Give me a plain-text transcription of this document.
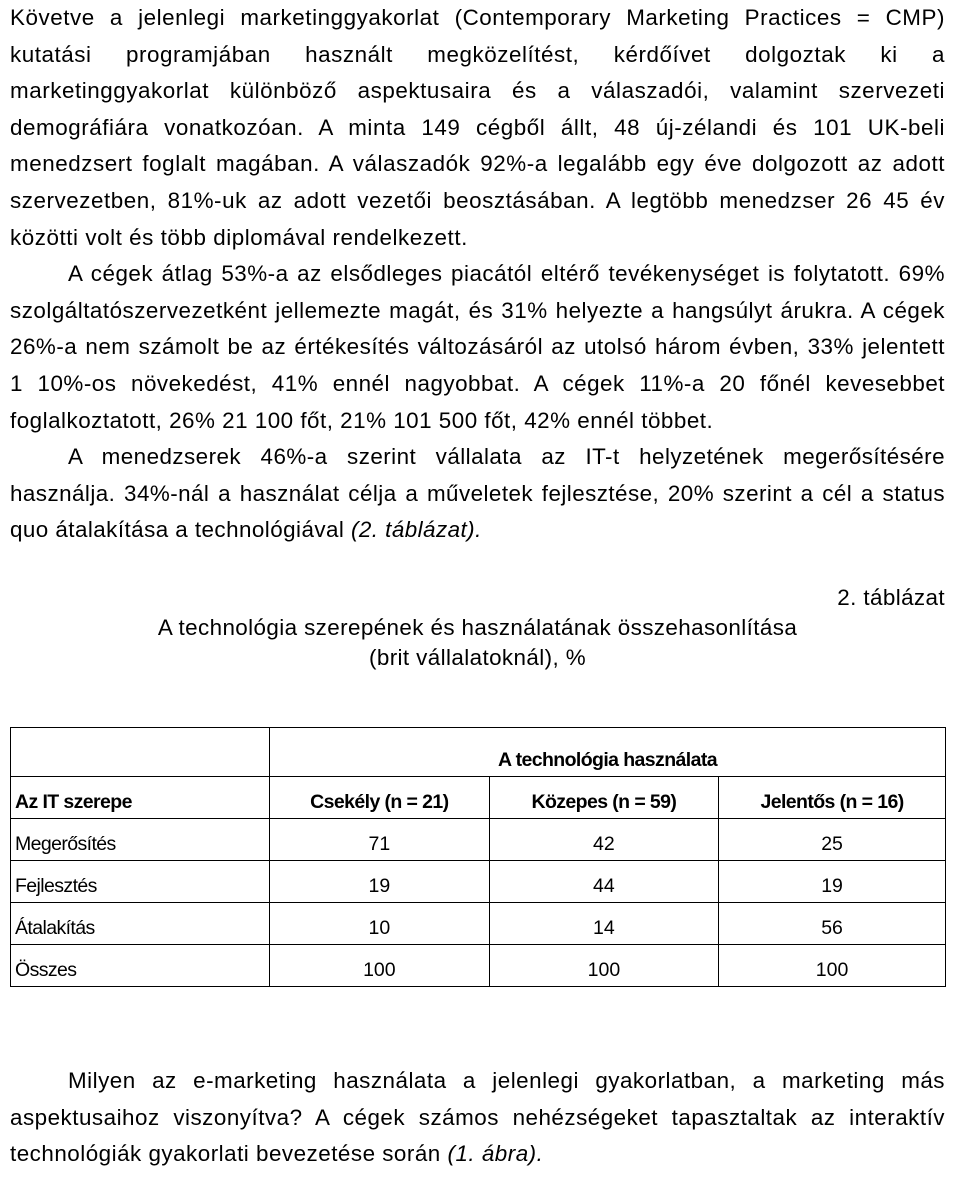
Követve a jelenlegi marketinggyakorlat (Contemporary Marketing Practices = CMP) kutatási programjában használt megközelítést, kérdőívet dolgoztak ki a marketinggyakorlat különböző aspektusaira és a válaszadói, valamint szervezeti demográfiára vonatkozóan. A minta 149 cégből állt, 48 új-zélandi és 101 UK-beli menedzsert foglalt magában. A válaszadók 92%-a legalább egy éve dolgozott az adott szervezetben, 81%-uk az adott vezetői beosztásában. A legtöbb menedzser 26 45 év közötti volt és több diplomával rendelkezett.

A cégek átlag 53%-a az elsődleges piacától eltérő tevékenységet is folytatott. 69% szolgáltatószervezetként jellemezte magát, és 31% helyezte a hangsúlyt árukra. A cégek 26%-a nem számolt be az értékesítés változásáról az utolsó három évben, 33% jelentett 1 10%-os növekedést, 41% ennél nagyobbat. A cégek 11%-a 20 főnél kevesebbet foglalkoztatott, 26% 21 100 főt, 21% 101 500 főt, 42% ennél többet.

A menedzserek 46%-a szerint vállalata az IT-t helyzetének megerősítésére használja. 34%-nál a használat célja a műveletek fejlesztése, 20% szerint a cél a status quo átalakítása a technológiával (2. táblázat).

2. táblázat

A technológia szerepének és használatának összehasonlítása

(brit vállalatoknál), %

	A technológia használata		
Az IT szerepe	Csekély (n = 21)	Közepes (n = 59)	Jelentős (n = 16)
Megerősítés	71	42	25
Fejlesztés	19	44	19
Átalakítás	10	14	56
Összes	100	100	100

Milyen az e-marketing használata a jelenlegi gyakorlatban, a marketing más aspektusaihoz viszonyítva? A cégek számos nehézségeket tapasztaltak az interaktív technológiák gyakorlati bevezetése során (1. ábra).
